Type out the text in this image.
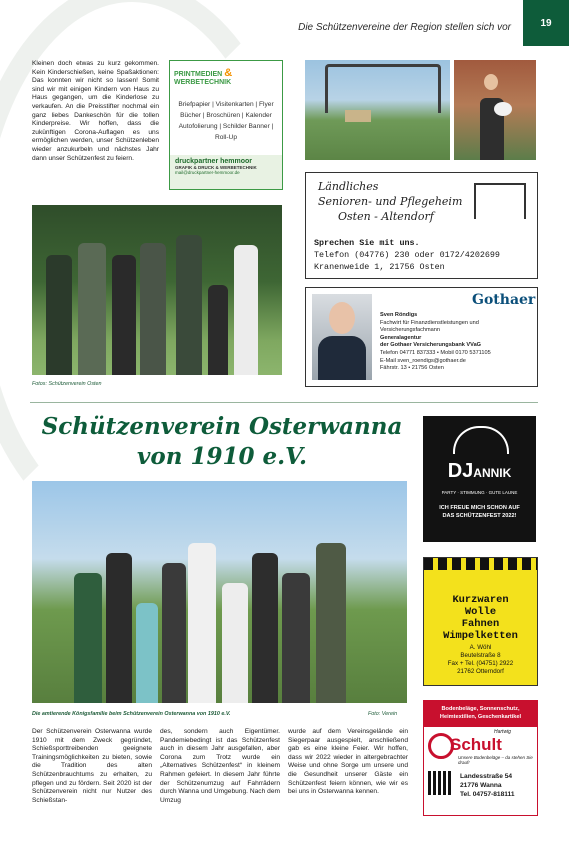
Die Schützenvereine der Region stellen sich vor	19
Kleinen doch etwas zu kurz gekommen. Kein Kinderschießen, keine Spaßaktionen: Das konnten wir nicht so lassen! Somit sind wir mit einigen Kindern von Haus zu Haus gegangen, um die Kinderlose zu verkaufen. An die Preisstifter nochmal ein ganz liebes Dankeschön für die tollen Kinderpreise. Wir hoffen, dass die zukünftigen Corona-Auflagen es uns ermöglichen werden, unser Schützenleben wieder anzukurbeln und nächstes Jahr dann unser Schützenfest zu feiern.
PRINTMEDIEN &
WERBETECHNIK
Briefpapier | Visitenkarten | Flyer Bücher | Broschüren | Kalender Autofolierung | Schilder Banner | Roll-Up
druckpartner hemmoor
GRAFIK & DRUCK & WERBETECHNIK
mail@druckpartner-hemmoor.de
Ländliches
Senioren- und Pflegeheim
Osten - Altendorf
Sprechen Sie mit uns.
Telefon (04776) 230 oder 0172/4202699
Kranenweide 1, 21756 Osten
Gothaer
Sven Röndigs
Fachwirt für Finanzdienstleistungen und Versicherungsfachmann
Generalagentur
der Gothaer Versicherungsbank VVaG
Telefon 04771 837333 • Mobil 0170 5371105
E-Mail sven_roendigs@gothaer.de
Fährstr. 13 • 21756 Osten
Fotos: Schützenverein Osten
Schützenverein Osterwanna
von 1910 e.V.
Die amtierende Königsfamilie beim Schützenverein Osterwanna von 1910 e.V.	Foto: Verein
Der Schützenverein Osterwanna wurde 1910 mit dem Zweck gegründet, Schießsporttreibenden geeignete Trainingsmöglichkeiten zu bieten, sowie die Tradition des alten Schützenbrauchtums zu erhalten, zu pflegen und zu fördern. Seit 2020 ist der Schützenverein nicht nur Nutzer des Schießstan-
des, sondern auch Eigentümer. Pandemiebedingt ist das Schützenfest auch in diesem Jahr ausgefallen, aber Corona zum Trotz wurde ein „Alternatives Schützenfest“ in kleinem Rahmen gefeiert. In diesem Jahr führte der Schützenumzug auf Fahrrädern durch Wanna und Umgebung. Nach dem Umzug
wurde auf dem Vereinsgelände ein Siegerpaar ausgespielt, anschließend gab es eine kleine Feier. Wir hoffen, dass wir 2022 wieder in altergebrachter Weise und ohne Sorge um unsere und die Gesundheit unserer Gäste ein Schützenfest feiern können, wie wir es bei uns in Osterwanna kennen.
DJANNIK
PARTY · STIMMUNG · GUTE LAUNE
ICH FREUE MICH SCHON AUF DAS SCHÜTZENFEST 2022!
Kurzwaren
Wolle
Fahnen
Wimpelketten
A. Wöhl
Beutelstraße 8
Fax + Tel. (04751) 2922
21762 Otterndorf
Bodenbeläge, Sonnenschutz, Heimtextilien, Geschenkartikel
Hartwig
Schult
Unsere Bodenbeläge – da stehen Sie drauf!
Landesstraße 54
21776 Wanna
Tel. 04757-818111
